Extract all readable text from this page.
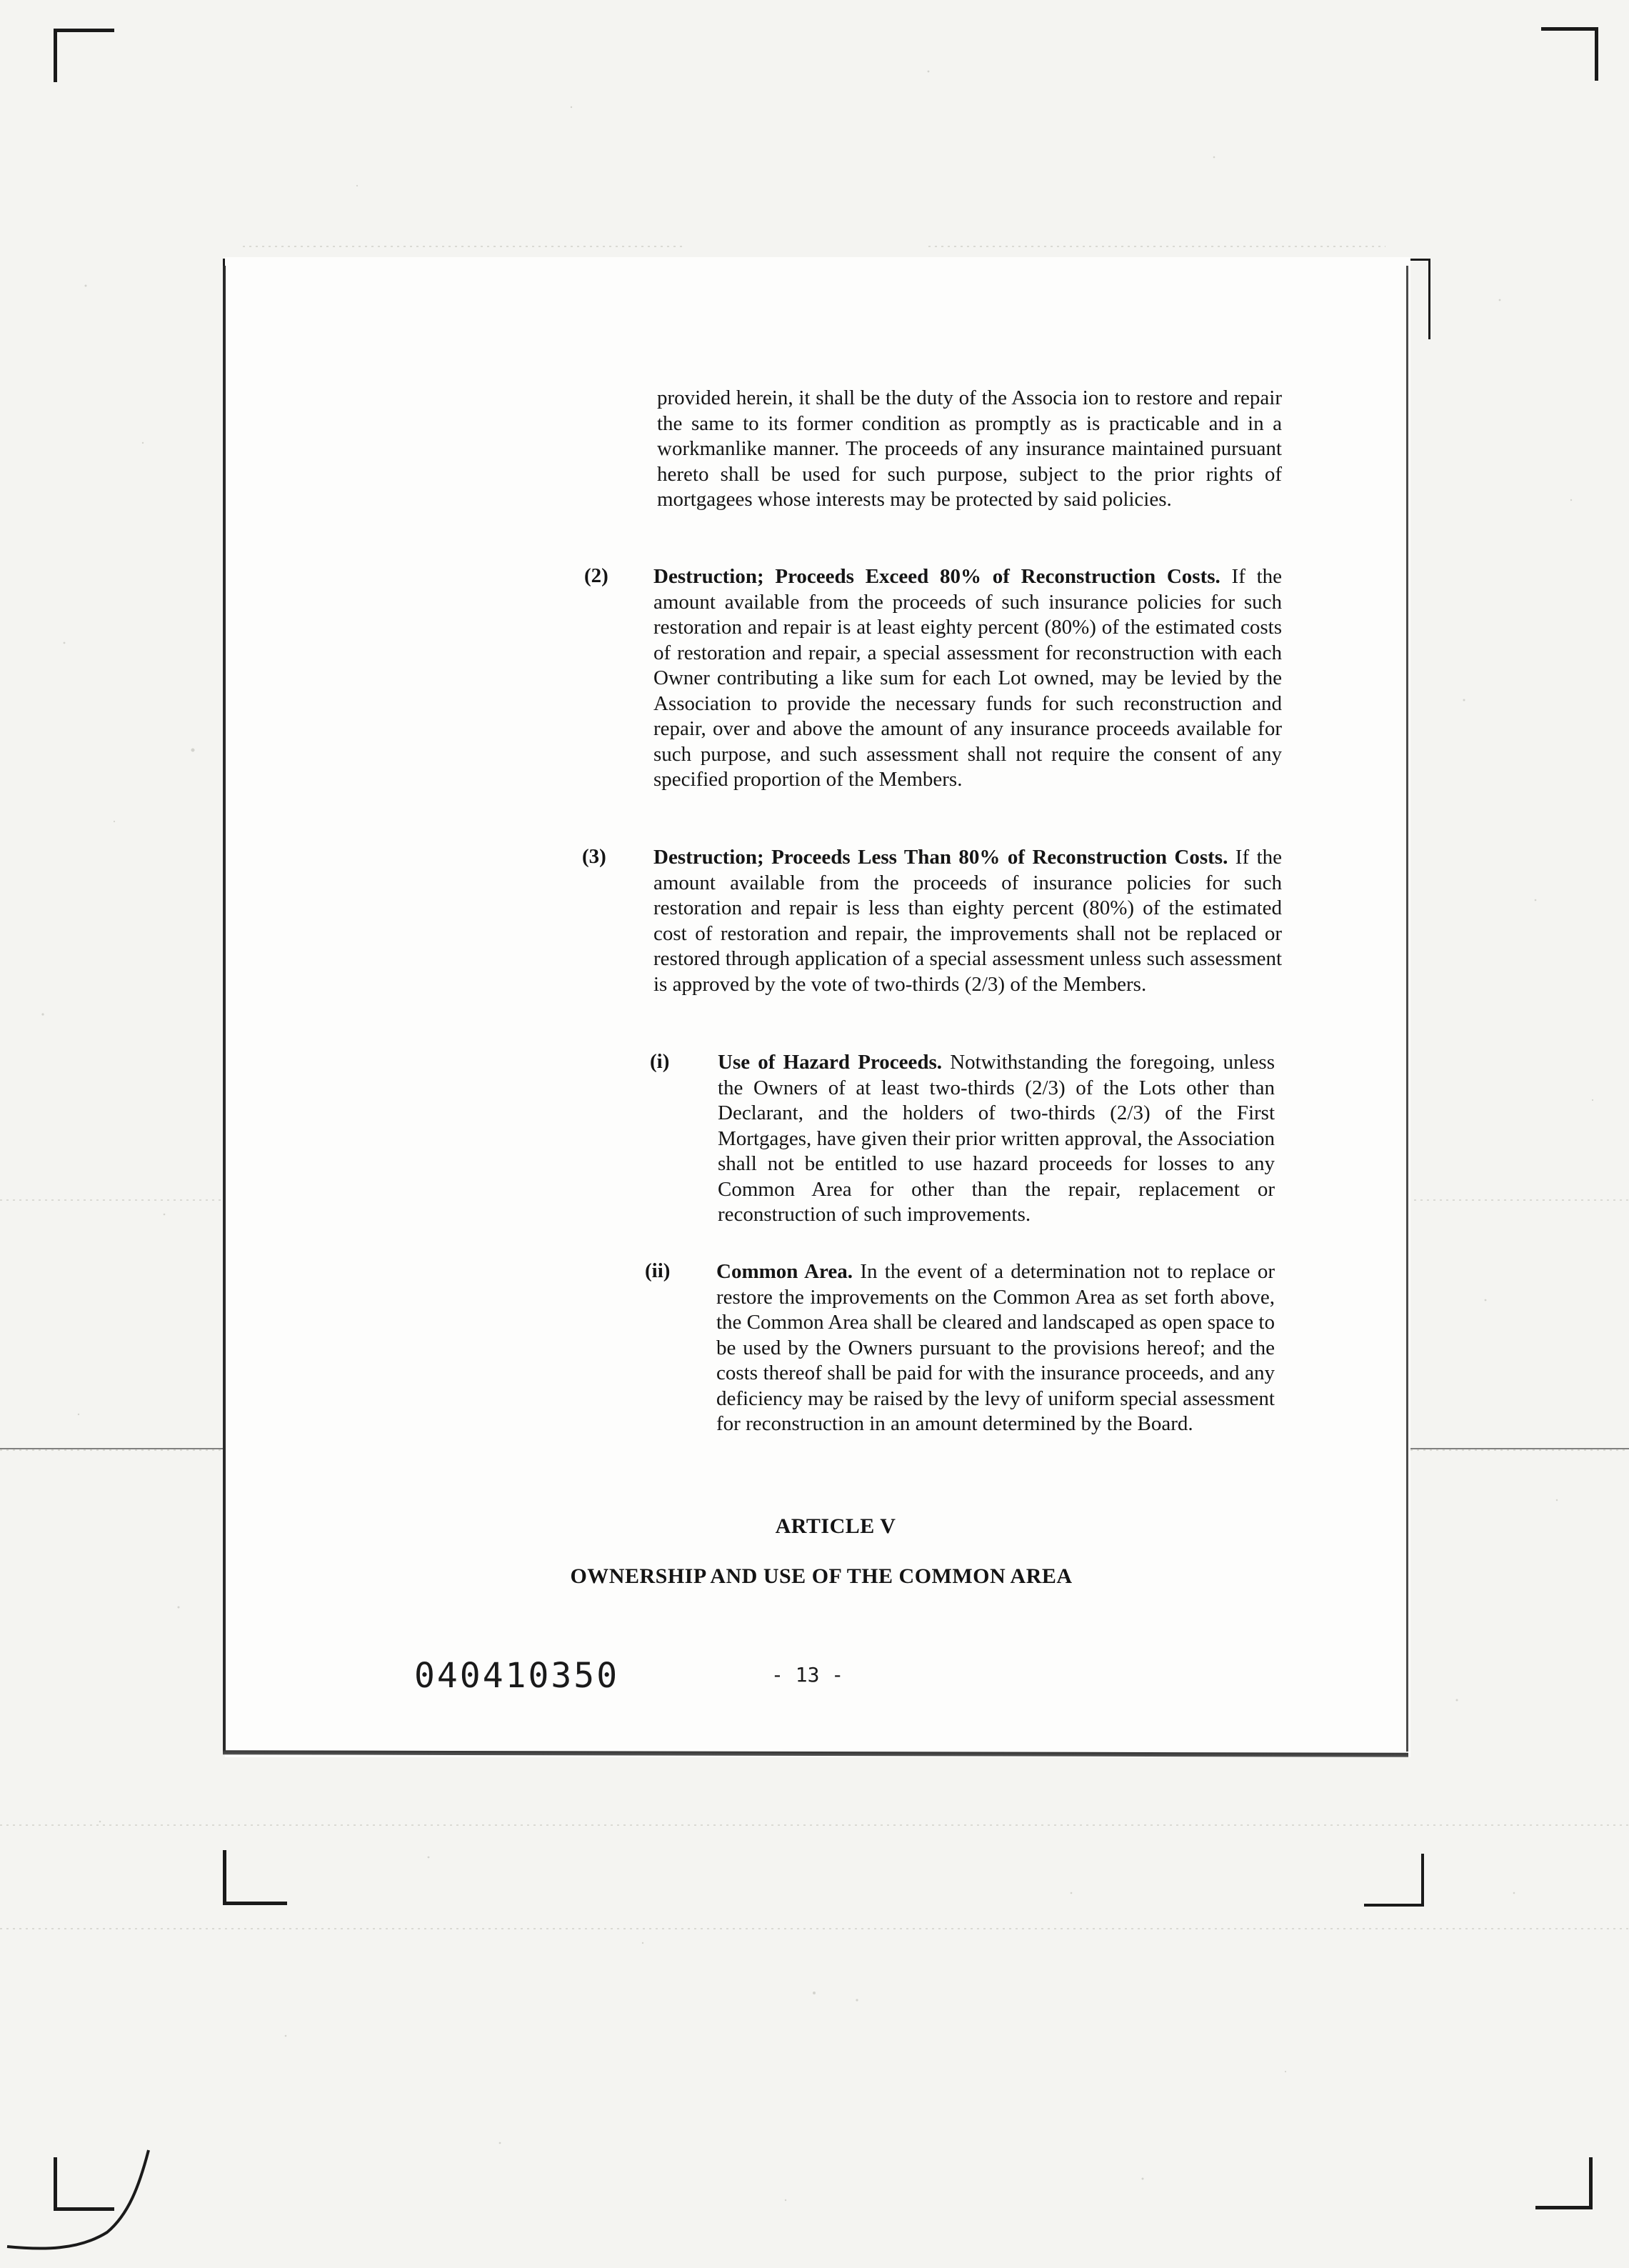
provided herein, it shall be the duty of the Associa ion to restore and repair the same to its former condition as promptly as is practicable and in a workmanlike manner. The proceeds of any insurance maintained pursuant hereto shall be used for such purpose, subject to the prior rights of mortgagees whose interests may be protected by said policies.
(2) Destruction; Proceeds Exceed 80% of Reconstruction Costs. If the amount available from the proceeds of such insurance policies for such restoration and repair is at least eighty percent (80%) of the estimated costs of restoration and repair, a special assessment for reconstruction with each Owner contributing a like sum for each Lot owned, may be levied by the Association to provide the necessary funds for such reconstruction and repair, over and above the amount of any insurance proceeds available for such purpose, and such assessment shall not require the consent of any specified proportion of the Members.
(3) Destruction; Proceeds Less Than 80% of Reconstruction Costs. If the amount available from the proceeds of insurance policies for such restoration and repair is less than eighty percent (80%) of the estimated cost of restoration and repair, the improvements shall not be replaced or restored through application of a special assessment unless such assessment is approved by the vote of two-thirds (2/3) of the Members.
(i) Use of Hazard Proceeds. Notwithstanding the foregoing, unless the Owners of at least two-thirds (2/3) of the Lots other than Declarant, and the holders of two-thirds (2/3) of the First Mortgages, have given their prior written approval, the Association shall not be entitled to use hazard proceeds for losses to any Common Area for other than the repair, replacement or reconstruction of such improvements.
(ii) Common Area. In the event of a determination not to replace or restore the improvements on the Common Area as set forth above, the Common Area shall be cleared and landscaped as open space to be used by the Owners pursuant to the provisions hereof; and the costs thereof shall be paid for with the insurance proceeds, and any deficiency may be raised by the levy of uniform special assessment for reconstruction in an amount determined by the Board.
ARTICLE V
OWNERSHIP AND USE OF THE COMMON AREA
040410350	- 13 -
